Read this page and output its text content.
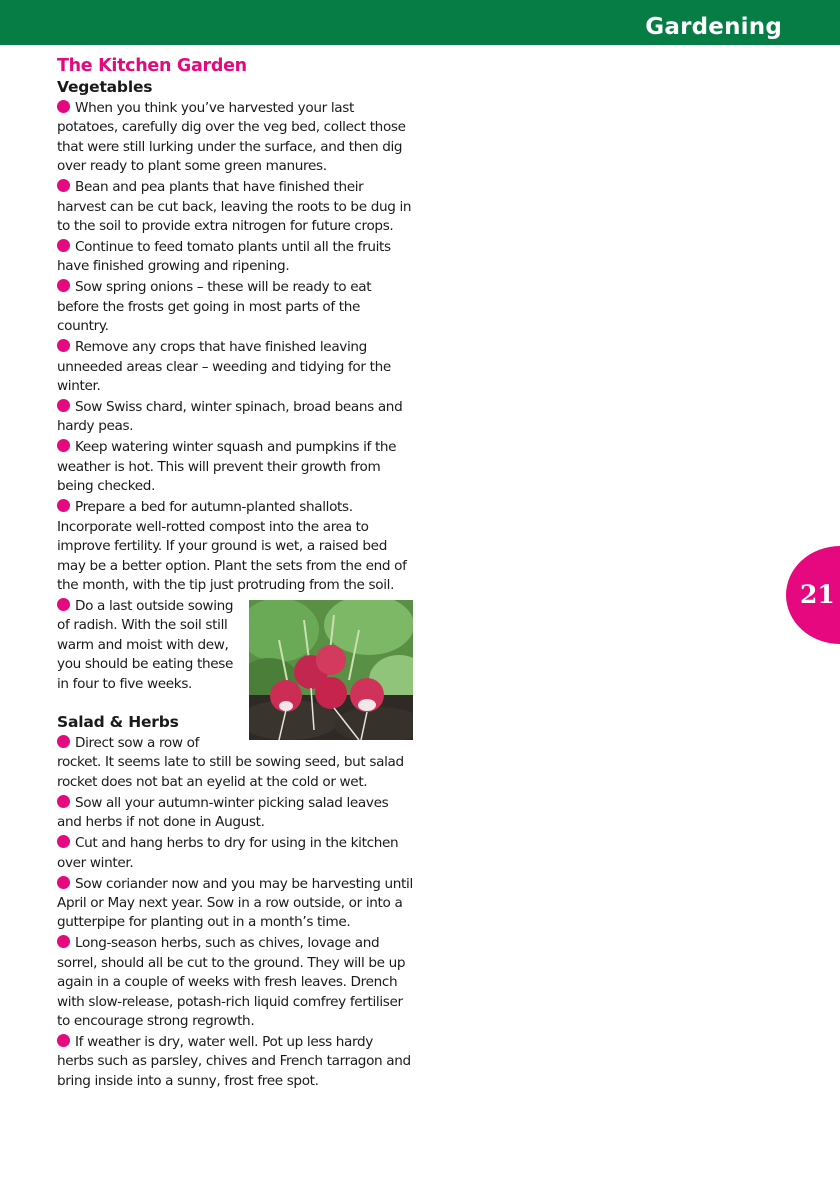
Gardening
21
The Kitchen Garden
Vegetables

When you think you’ve harvested your last potatoes, carefully dig over the veg bed, collect those that were still lurking under the surface, and then dig over ready to plant some green manures.

Bean and pea plants that have finished their harvest can be cut back, leaving the roots to be dug in to the soil to provide extra nitrogen for future crops.

Continue to feed tomato plants until all the fruits have finished growing and ripening.

Sow spring onions – these will be ready to eat before the frosts get going in most parts of the country.

Remove any crops that have finished leaving unneeded areas clear – weeding and tidying for the winter.

Sow Swiss chard, winter spinach, broad beans and hardy peas.

Keep watering winter squash and pumpkins if the weather is hot. This will prevent their growth from being checked.

Prepare a bed for autumn-planted shallots. Incorporate well-rotted compost into the area to improve fertility. If your ground is wet, a raised bed may be a better option. Plant the sets from the end of the month, with the tip just protruding from the soil.

Do a last outside sowing of radish. With the soil still warm and moist with dew, you should be eating these in four to five weeks.

Salad & Herbs

Direct sow a row of rocket. It seems late to still be sowing seed, but salad rocket does not bat an eyelid at the cold or wet.

Sow all your autumn-winter picking salad leaves and herbs if not done in August.

Cut and hang herbs to dry for using in the kitchen over winter.

Sow coriander now and you may be harvesting until April or May next year. Sow in a row outside, or into a gutterpipe for planting out in a month’s time.

Long-season herbs, such as chives, lovage and sorrel, should all be cut to the ground. They will be up again in a couple of weeks with fresh leaves. Drench with slow-release, potash-rich liquid comfrey fertiliser to encourage strong regrowth.

If weather is dry, water well. Pot up less hardy herbs such as parsley, chives and French tarragon and bring inside into a sunny, frost free spot.
